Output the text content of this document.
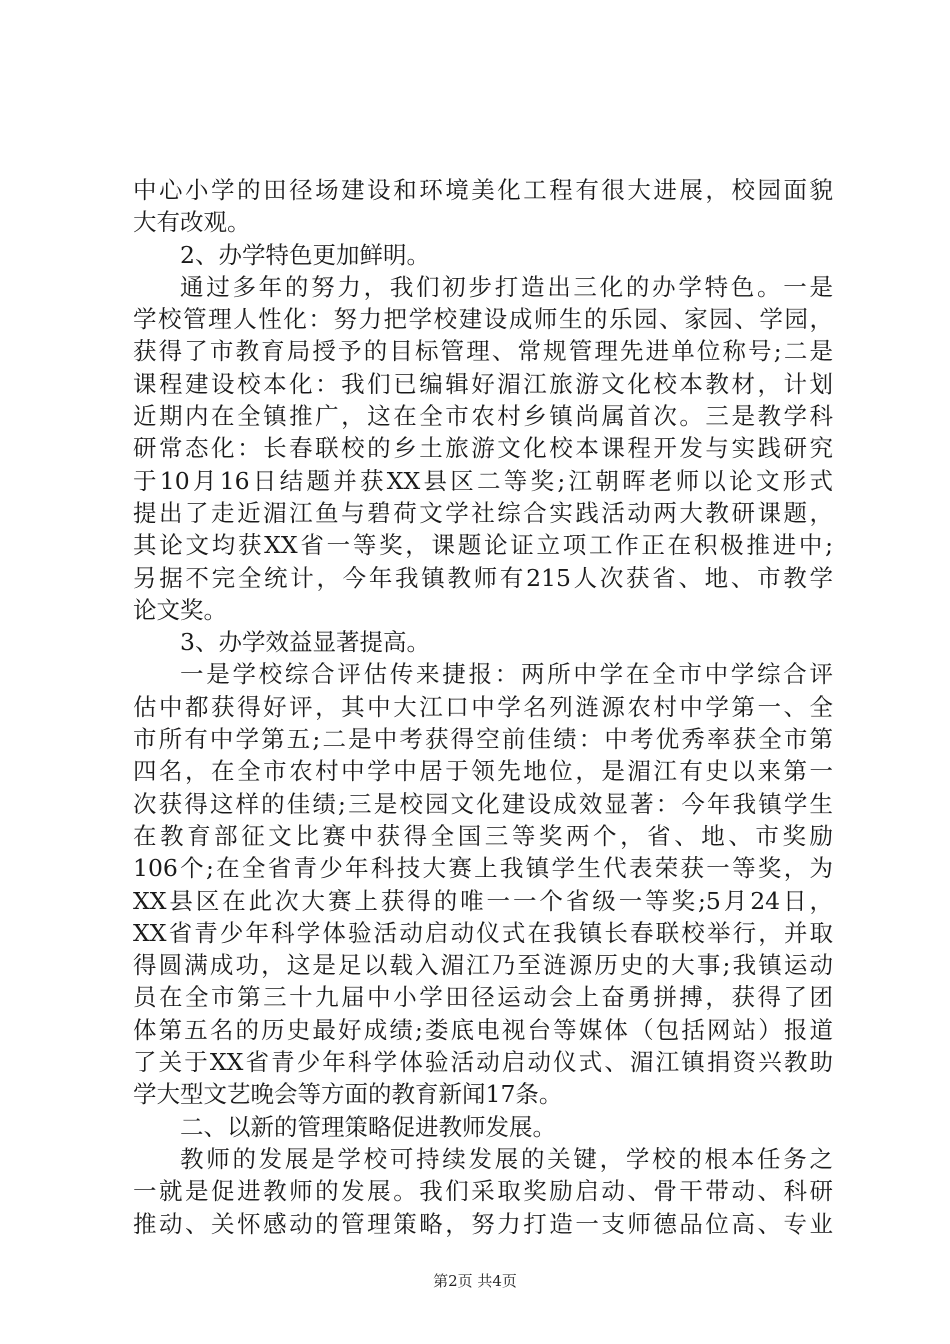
中心小学的田径场建设和环境美化工程有很大进展，校园面貌
大有改观。
2、办学特色更加鲜明。
通过多年的努力，我们初步打造出三化的办学特色。一是
学校管理人性化：努力把学校建设成师生的乐园、家园、学园，
获得了市教育局授予的目标管理、常规管理先进单位称号;二是
课程建设校本化：我们已编辑好湄江旅游文化校本教材，计划
近期内在全镇推广，这在全市农村乡镇尚属首次。三是教学科
研常态化：长春联校的乡土旅游文化校本课程开发与实践研究
于10月16日结题并获XX县区二等奖;江朝晖老师以论文形式
提出了走近湄江鱼与碧荷文学社综合实践活动两大教研课题，
其论文均获XX省一等奖，课题论证立项工作正在积极推进中;
另据不完全统计，今年我镇教师有215人次获省、地、市教学
论文奖。
3、办学效益显著提高。
一是学校综合评估传来捷报：两所中学在全市中学综合评
估中都获得好评，其中大江口中学名列涟源农村中学第一、全
市所有中学第五;二是中考获得空前佳绩：中考优秀率获全市第
四名，在全市农村中学中居于领先地位，是湄江有史以来第一
次获得这样的佳绩;三是校园文化建设成效显著：今年我镇学生
在教育部征文比赛中获得全国三等奖两个，省、地、市奖励
106个;在全省青少年科技大赛上我镇学生代表荣获一等奖，为
XX县区在此次大赛上获得的唯一一个省级一等奖;5月24日，
XX省青少年科学体验活动启动仪式在我镇长春联校举行，并取
得圆满成功，这是足以载入湄江乃至涟源历史的大事;我镇运动
员在全市第三十九届中小学田径运动会上奋勇拼搏，获得了团
体第五名的历史最好成绩;娄底电视台等媒体（包括网站）报道
了关于XX省青少年科学体验活动启动仪式、湄江镇捐资兴教助
学大型文艺晚会等方面的教育新闻17条。
二、以新的管理策略促进教师发展。
教师的发展是学校可持续发展的关键，学校的根本任务之
一就是促进教师的发展。我们采取奖励启动、骨干带动、科研
推动、关怀感动的管理策略，努力打造一支师德品位高、专业
第2页 共4页
